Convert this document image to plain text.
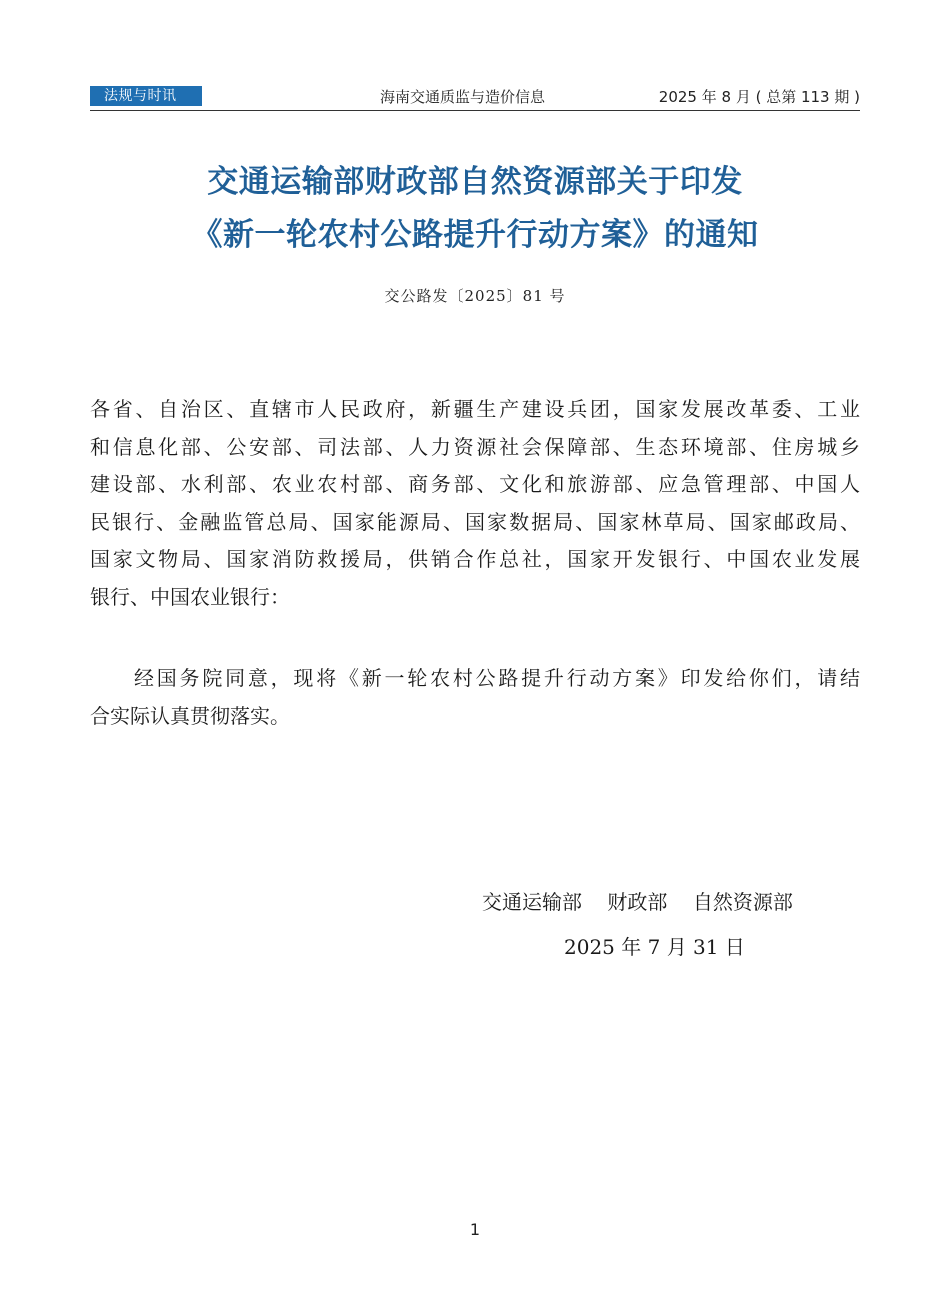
法规与时讯	海南交通质监与造价信息	2025 年 8 月 ( 总第 113 期 )
交通运输部财政部自然资源部关于印发
《新一轮农村公路提升行动方案》的通知
交公路发〔2025〕81 号
各省、自治区、直辖市人民政府，新疆生产建设兵团，国家发展改革委、工业
和信息化部、公安部、司法部、人力资源社会保障部、生态环境部、住房城乡
建设部、水利部、农业农村部、商务部、文化和旅游部、应急管理部、中国人
民银行、金融监管总局、国家能源局、国家数据局、国家林草局、国家邮政局、
国家文物局、国家消防救援局，供销合作总社，国家开发银行、中国农业发展
银行、中国农业银行：
经国务院同意，现将《新一轮农村公路提升行动方案》印发给你们，请结
合实际认真贯彻落实。
交通运输部    财政部    自然资源部
2025 年 7 月 31 日
1
